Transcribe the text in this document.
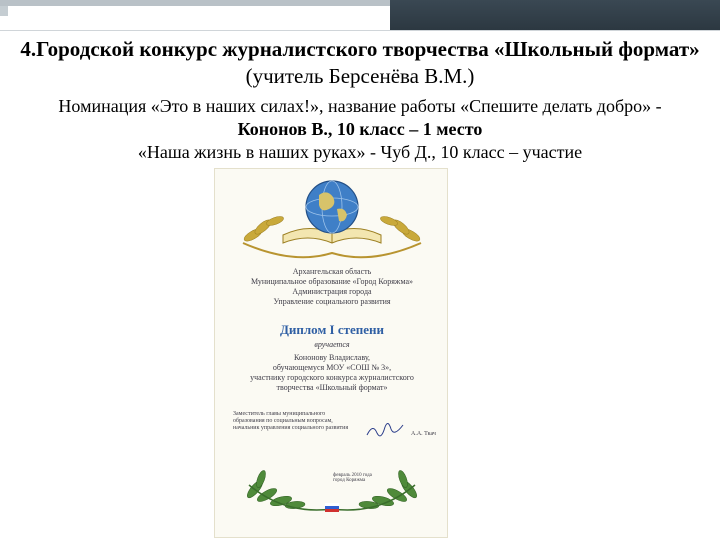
4.Городской конкурс журналистского творчества «Школьный формат» (учитель Берсенёва В.М.)
Номинация «Это в наших силах!», название работы «Спешите делать добро» -
Кононов В., 10 класс – 1 место
«Наша жизнь в наших руках» - Чуб Д., 10 класс – участие
Архангельская область
Муниципальное образование «Город Коряжма»
Администрация города
Управление социального развития
Диплом I степени
вручается
Кононову Владиславу,
обучающемуся МОУ «СОШ № 3»,
участнику городского конкурса журналистского
творчества «Школьный формат»
Заместитель главы муниципального образования по социальным вопросам, начальник управления социального развития
А.А. Ткач
февраль 2010 года
город Коряжма
